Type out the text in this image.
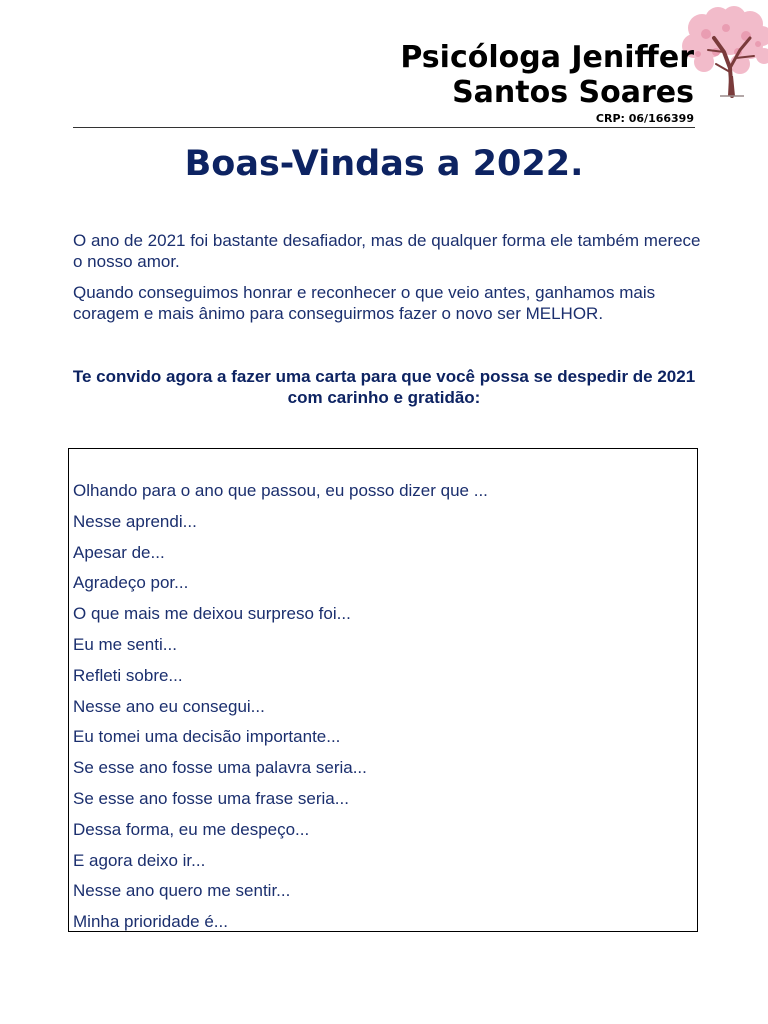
Psicóloga Jeniffer
Santos Soares
CRP: 06/166399
Boas-Vindas a 2022.
O ano de 2021 foi bastante desafiador, mas de qualquer forma ele também merece o nosso amor.
Quando conseguimos honrar e reconhecer o que veio antes, ganhamos mais coragem e mais ânimo para conseguirmos fazer o novo ser MELHOR.
Te convido agora a fazer uma carta para que você possa se despedir de 2021 com carinho e gratidão:
Olhando para o ano que passou, eu posso dizer que ...
Nesse aprendi...
Apesar de...
Agradeço por...
O que mais me deixou surpreso foi...
Eu me senti...
Refleti sobre...
Nesse ano eu consegui...
Eu tomei uma decisão importante...
Se esse ano fosse uma palavra seria...
Se esse ano fosse uma frase seria...
Dessa forma, eu me despeço...
E agora deixo ir...
Nesse ano quero me sentir...
Minha prioridade é...
